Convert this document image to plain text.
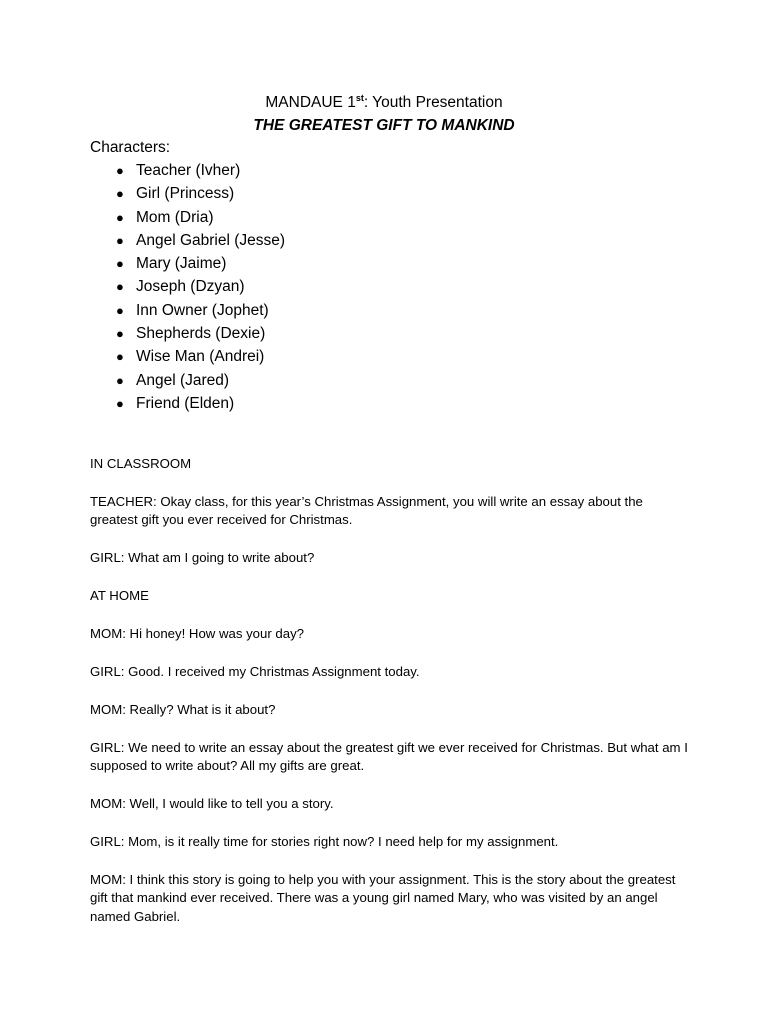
MANDAUE 1st: Youth Presentation
THE GREATEST GIFT TO MANKIND
Characters:
● Teacher (Ivher)
● Girl (Princess)
● Mom (Dria)
● Angel Gabriel (Jesse)
● Mary (Jaime)
● Joseph (Dzyan)
● Inn Owner (Jophet)
● Shepherds (Dexie)
● Wise Man (Andrei)
● Angel (Jared)
● Friend (Elden)

IN CLASSROOM

TEACHER: Okay class, for this year’s Christmas Assignment, you will write an essay about the greatest gift you ever received for Christmas.

GIRL: What am I going to write about?

AT HOME

MOM: Hi honey! How was your day?

GIRL: Good. I received my Christmas Assignment today.

MOM: Really? What is it about?

GIRL: We need to write an essay about the greatest gift we ever received for Christmas. But what am I supposed to write about? All my gifts are great.

MOM: Well, I would like to tell you a story.

GIRL: Mom, is it really time for stories right now? I need help for my assignment.

MOM: I think this story is going to help you with your assignment. This is the story about the greatest gift that mankind ever received. There was a young girl named Mary, who was visited by an angel named Gabriel.
